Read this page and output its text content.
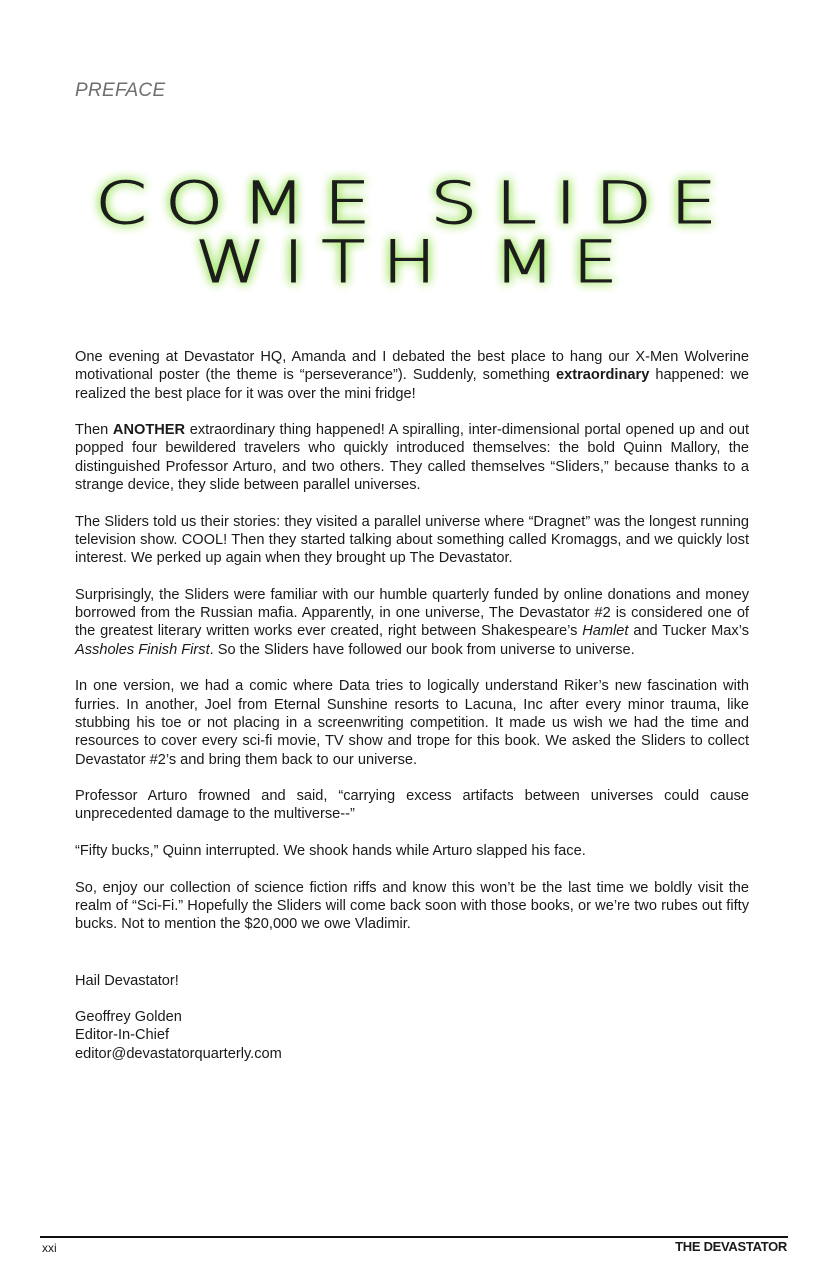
PREFACE
COME SLIDE
WITH ME

One evening at Devastator HQ, Amanda and I debated the best place to hang our X-Men Wolverine motivational poster (the theme is “perseverance”). Suddenly, something extraordinary happened: we realized the best place for it was over the mini fridge!

Then ANOTHER extraordinary thing happened! A spiralling, inter-dimensional portal opened up and out popped four bewildered travelers who quickly introduced themselves: the bold Quinn Mallory, the distinguished Professor Arturo, and two others. They called themselves “Sliders,” because thanks to a strange device, they slide between parallel universes.

The Sliders told us their stories: they visited a parallel universe where “Dragnet” was the longest running television show. COOL! Then they started talking about something called Kromaggs, and we quickly lost interest. We perked up again when they brought up The Devastator.

Surprisingly, the Sliders were familiar with our humble quarterly funded by online donations and money borrowed from the Russian mafia. Apparently, in one universe, The Devastator #2 is considered one of the greatest literary written works ever created, right between Shakespeare’s Hamlet and Tucker Max’s Assholes Finish First. So the Sliders have followed our book from universe to universe.

In one version, we had a comic where Data tries to logically understand Riker’s new fascination with furries. In another, Joel from Eternal Sunshine resorts to Lacuna, Inc after every minor trauma, like stubbing his toe or not placing in a screenwriting competition. It made us wish we had the time and resources to cover every sci-fi movie, TV show and trope for this book. We asked the Sliders to collect Devastator #2’s and bring them back to our universe.

Professor Arturo frowned and said, “carrying excess artifacts between universes could cause unprecedented damage to the multiverse--”

“Fifty bucks,” Quinn interrupted. We shook hands while Arturo slapped his face.

So, enjoy our collection of science fiction riffs and know this won’t be the last time we boldly visit the realm of “Sci-Fi.” Hopefully the Sliders will come back soon with those books, or we’re two rubes out fifty bucks. Not to mention the $20,000 we owe Vladimir.

Hail Devastator!

Geoffrey Golden
Editor-In-Chief
editor@devastatorquarterly.com
xxi	THE DEVASTATOR
